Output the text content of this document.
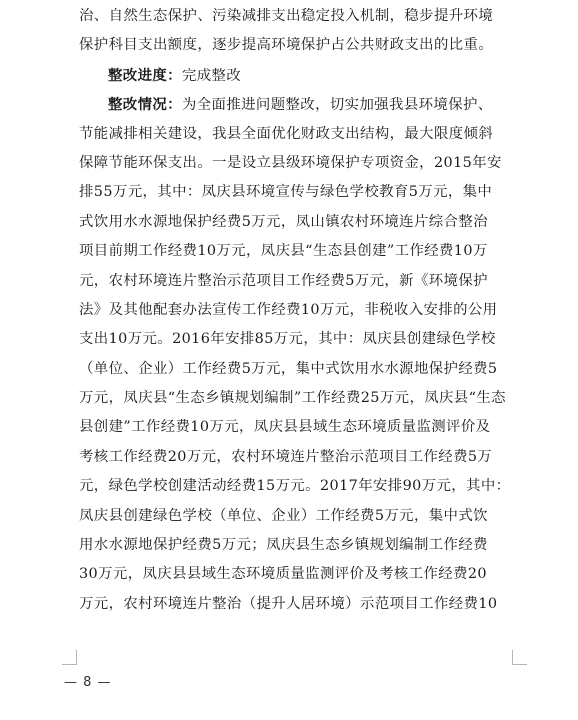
治、自然生态保护、污染减排支出稳定投入机制，稳步提升环境
保护科目支出额度，逐步提高环境保护占公共财政支出的比重。
整改进度：完成整改
整改情况：为全面推进问题整改，切实加强我县环境保护、
节能减排相关建设，我县全面优化财政支出结构，最大限度倾斜
保障节能环保支出。一是设立县级环境保护专项资金，2015年安
排55万元，其中：凤庆县环境宣传与绿色学校教育5万元，集中
式饮用水水源地保护经费5万元，凤山镇农村环境连片综合整治
项目前期工作经费10万元，凤庆县“生态县创建”工作经费10万
元，农村环境连片整治示范项目工作经费5万元，新《环境保护
法》及其他配套办法宣传工作经费10万元，非税收入安排的公用
支出10万元。2016年安排85万元，其中：凤庆县创建绿色学校
（单位、企业）工作经费5万元，集中式饮用水水源地保护经费5
万元，凤庆县“生态乡镇规划编制”工作经费25万元，凤庆县“生态
县创建”工作经费10万元，凤庆县县域生态环境质量监测评价及
考核工作经费20万元，农村环境连片整治示范项目工作经费5万
元，绿色学校创建活动经费15万元。2017年安排90万元，其中：
凤庆县创建绿色学校（单位、企业）工作经费5万元，集中式饮
用水水源地保护经费5万元；凤庆县生态乡镇规划编制工作经费
30万元，凤庆县县域生态环境质量监测评价及考核工作经费20
万元，农村环境连片整治（提升人居环境）示范项目工作经费10
— 8 —
